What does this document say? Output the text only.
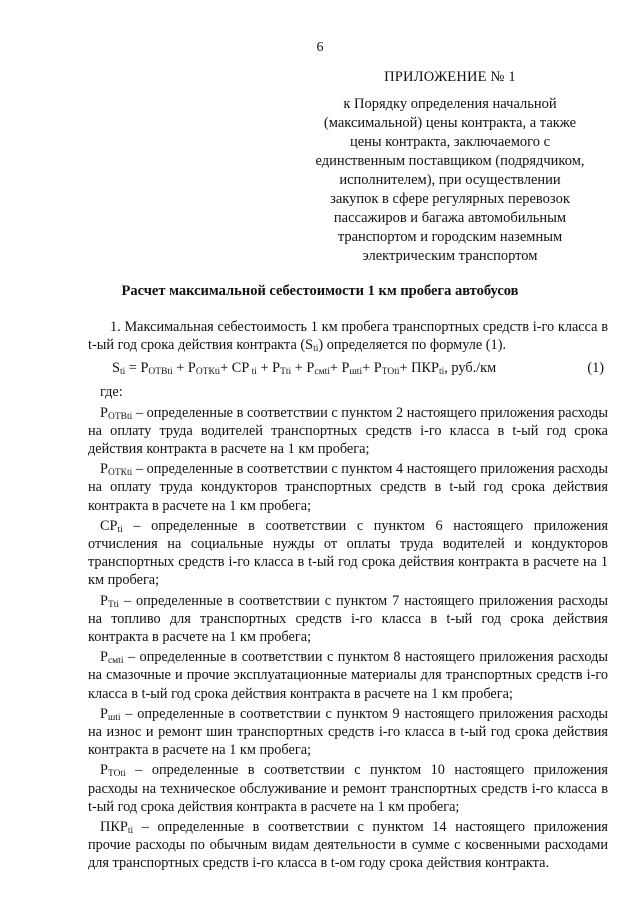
6
ПРИЛОЖЕНИЕ № 1
к Порядку определения начальной
(максимальной) цены контракта, а также
цены контракта, заключаемого с
единственным поставщиком (подрядчиком,
исполнителем), при осуществлении
закупок в сфере регулярных перевозок
пассажиров и багажа автомобильным
транспортом и городским наземным
электрическим транспортом
Расчет максимальной себестоимости 1 км пробега автобусов

1. Максимальная себестоимость 1 км пробега транспортных средств i-го класса в t-ый год срока действия контракта $(S_{ti})$ определяется по формуле (1).

$S_{ti} = Р_{ОТВti} + Р_{ОТКti}+$ СР $_{ti} + Р_{Тti} + Р_{смti}+ Р_{шti}+ Р_{ТОti}+ ПКР_{ti}$, руб./км	(1)
где:

$Р_{ОТВti}$ – определенные в соответствии с пунктом 2 настоящего приложения расходы на оплату труда водителей транспортных средств i-го класса в t-ый год срока действия контракта в расчете на 1 км пробега;

$Р_{ОТКti}$ – определенные в соответствии с пунктом 4 настоящего приложения расходы на оплату труда кондукторов транспортных средств в t-ый год срока действия контракта в расчете на 1 км пробега;

$СР_{ti}$ – определенные в соответствии с пунктом 6 настоящего приложения отчисления на социальные нужды от оплаты труда водителей и кондукторов транспортных средств i-го класса в t-ый год срока действия контракта в расчете на 1 км пробега;

$Р_{Тti}$ – определенные в соответствии с пунктом 7 настоящего приложения расходы на топливо для транспортных средств i-го класса в t-ый год срока действия контракта в расчете на 1 км пробега;

$Р_{смti}$ – определенные в соответствии с пунктом 8 настоящего приложения расходы на смазочные и прочие эксплуатационные материалы для транспортных средств i-го класса в t-ый год срока действия контракта в расчете на 1 км пробега;

$Р_{шti}$ – определенные в соответствии с пунктом 9 настоящего приложения расходы на износ и ремонт шин транспортных средств i-го класса в t-ый год срока действия контракта в расчете на 1 км пробега;

$Р_{ТОti}$ – определенные в соответствии с пунктом 10 настоящего приложения расходы на техническое обслуживание и ремонт транспортных средств i-го класса в t-ый год срока действия контракта в расчете на 1 км пробега;

$ПКР_{ti}$ – определенные в соответствии с пунктом 14 настоящего приложения прочие расходы по обычным видам деятельности в сумме с косвенными расходами для транспортных средств i-го класса в t-ом году срока действия контракта.
